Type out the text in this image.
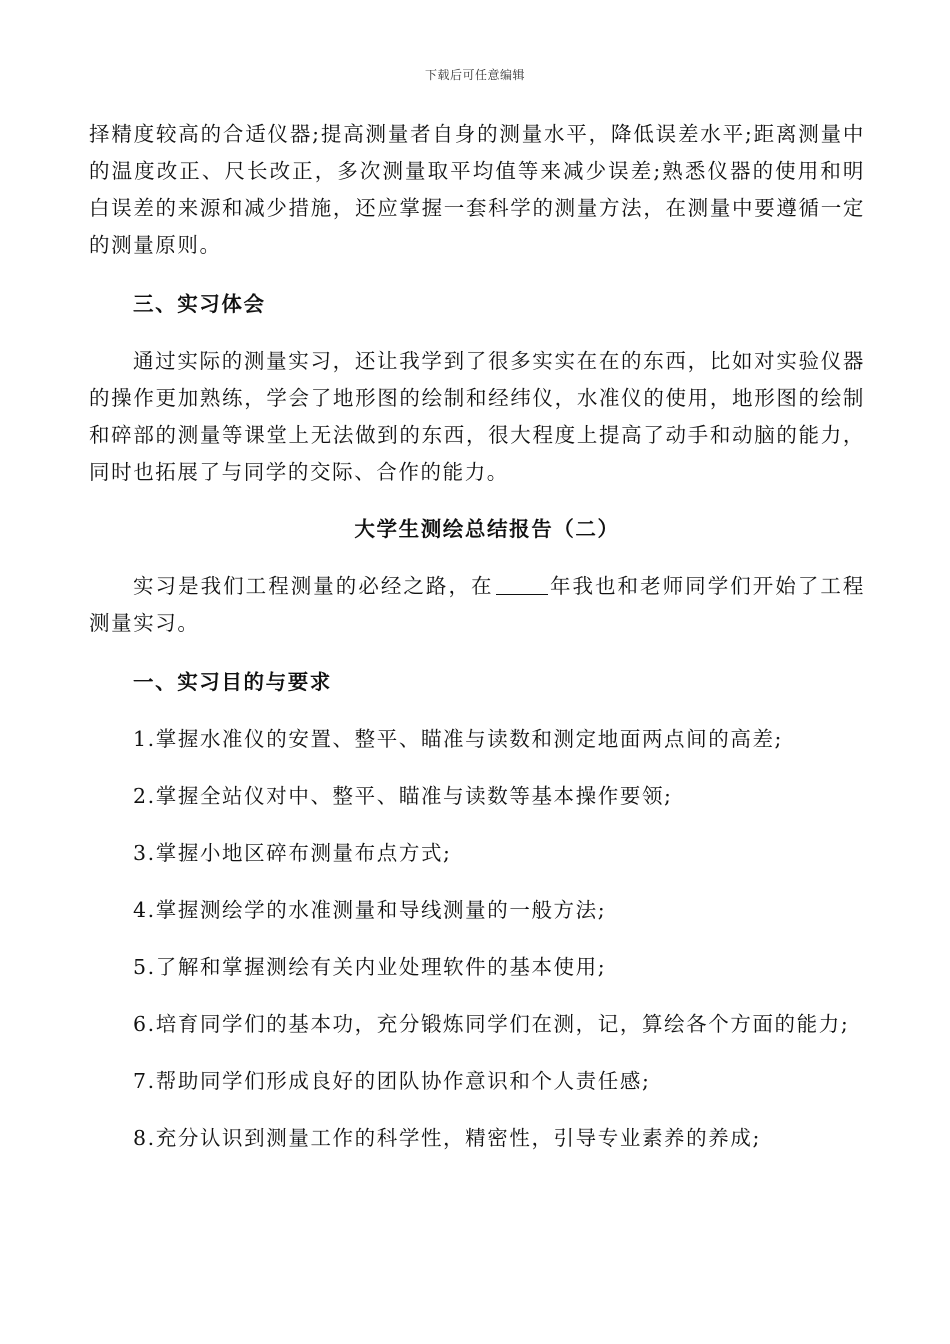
下载后可任意编辑

择精度较高的合适仪器;提高测量者自身的测量水平，降低误差水平;距离测量中的温度改正、尺长改正，多次测量取平均值等来减少误差;熟悉仪器的使用和明白误差的来源和减少措施，还应掌握一套科学的测量方法，在测量中要遵循一定的测量原则。

三、实习体会

通过实际的测量实习，还让我学到了很多实实在在的东西，比如对实验仪器的操作更加熟练，学会了地形图的绘制和经纬仪，水准仪的使用，地形图的绘制和碎部的测量等课堂上无法做到的东西，很大程度上提高了动手和动脑的能力，同时也拓展了与同学的交际、合作的能力。

大学生测绘总结报告（二）

实习是我们工程测量的必经之路，在	年我也和老师同学们开始了工程测量实习。

一、实习目的与要求

1.掌握水准仪的安置、整平、瞄准与读数和测定地面两点间的高差;

2.掌握全站仪对中、整平、瞄准与读数等基本操作要领;

3.掌握小地区碎布测量布点方式;

4.掌握测绘学的水准测量和导线测量的一般方法;

5.了解和掌握测绘有关内业处理软件的基本使用;

6.培育同学们的基本功，充分锻炼同学们在测，记，算绘各个方面的能力;

7.帮助同学们形成良好的团队协作意识和个人责任感;

8.充分认识到测量工作的科学性，精密性，引导专业素养的养成;
